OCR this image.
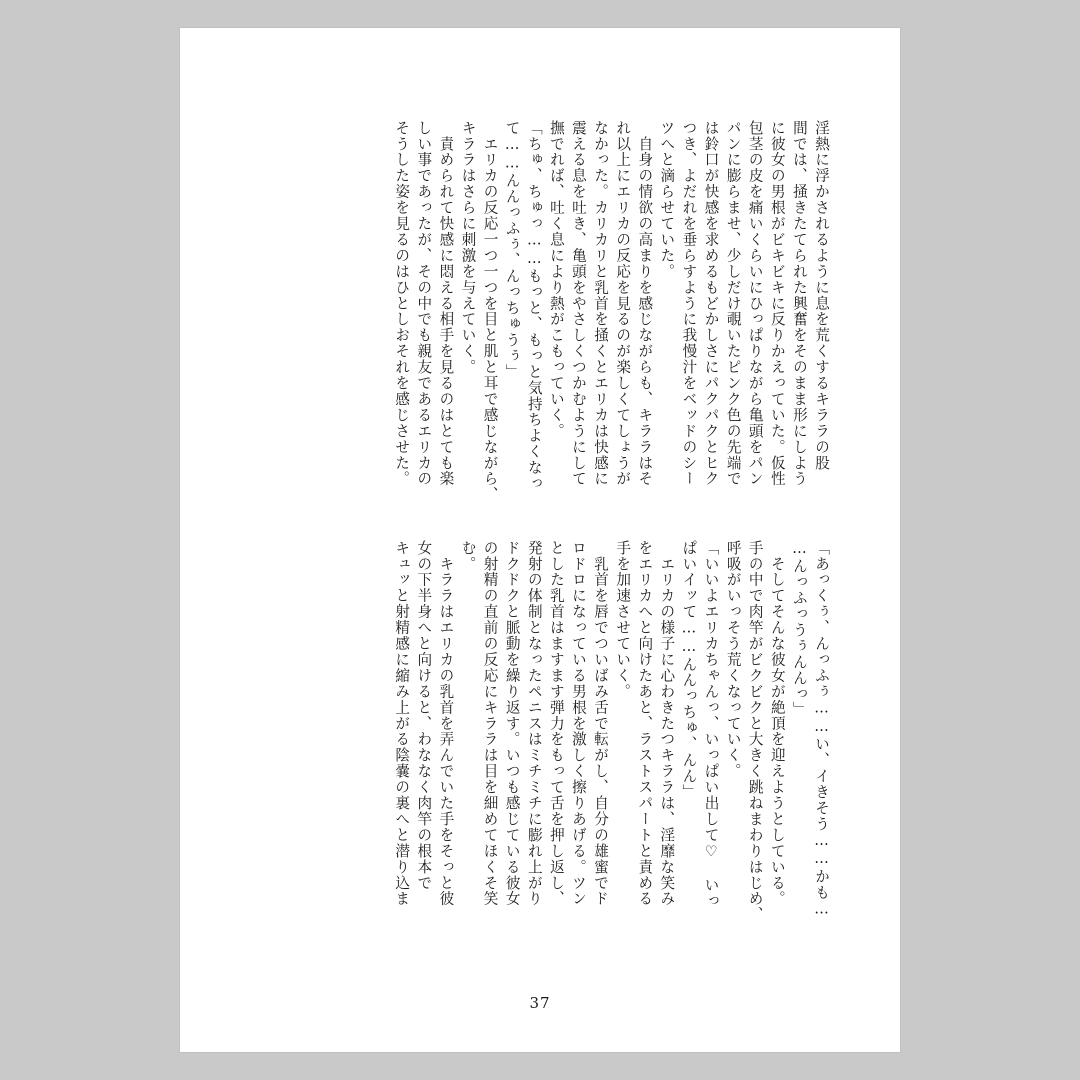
淫熱に浮かされるように息を荒くするキララの股
間では、掻きたてられた興奮をそのまま形にしよう
に彼女の男根がビキビキに反りかえっていた。仮性
包茎の皮を痛いくらいにひっぱりながら亀頭をパン
パンに膨らませ、少しだけ覗いたピンク色の先端で
は鈴口が快感を求めるもどかしさにパクパクとヒク
つき、よだれを垂らすように我慢汁をベッドのシー
ツへと滴らせていた。
　自身の情欲の高まりを感じながらも、キララはそ
れ以上にエリカの反応を見るのが楽しくてしょうが
なかった。カリカリと乳首を掻くとエリカは快感に
震える息を吐き、亀頭をやさしくつかむようにして
撫でれば、吐く息により熱がこもっていく。
「ちゅ、ちゅっ……もっと、もっと気持ちよくなっ
て……んんっふぅ、んっちゅうぅ」
　エリカの反応一つ一つを目と肌と耳で感じながら、
キララはさらに刺激を与えていく。
　責められて快感に悶える相手を見るのはとても楽
しい事であったが、その中でも親友であるエリカの
そうした姿を見るのはひとしおそれを感じさせた。
「あっくぅ、んっふぅ……い、イきそう……かも…
…んっふっうぅんんっ」
　そしてそんな彼女が絶頂を迎えようとしている。
手の中で肉竿がビクビクと大きく跳ねまわりはじめ、
呼吸がいっそう荒くなっていく。
「いいよエリカちゃんっ、いっぱい出して♡　いっ
ぱいイッて……んんっちゅ、んん」
　エリカの様子に心わきたつキララは、淫靡な笑み
をエリカへと向けたあと、ラストスパートと責める
手を加速させていく。
　乳首を唇でついばみ舌で転がし、自分の雄蜜でド
ロドロになっている男根を激しく擦りあげる。ツン
とした乳首はますます弾力をもって舌を押し返し、
発射の体制となったペニスはミチミチに膨れ上がり
ドクドクと脈動を繰り返す。いつも感じている彼女
の射精の直前の反応にキララは目を細めてほくそ笑
む。
　キララはエリカの乳首を弄んでいた手をそっと彼
女の下半身へと向けると、わななく肉竿の根本で
キュッと射精感に縮み上がる陰嚢の裏へと潜り込ま
37
